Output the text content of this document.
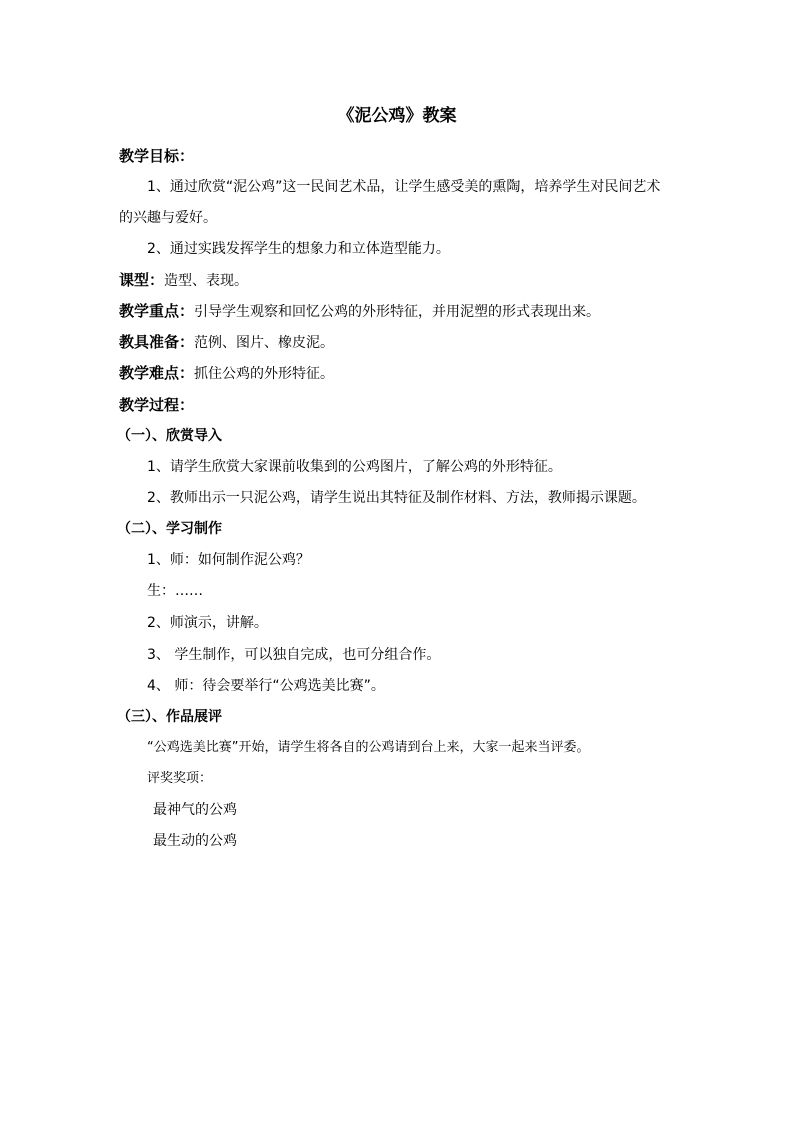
《泥公鸡》教案
教学目标：
1、通过欣赏“泥公鸡”这一民间艺术品，让学生感受美的熏陶，培养学生对民间艺术
的兴趣与爱好。
2、通过实践发挥学生的想象力和立体造型能力。
课型：造型、表现。
教学重点：引导学生观察和回忆公鸡的外形特征，并用泥塑的形式表现出来。
教具准备：范例、图片、橡皮泥。
教学难点：抓住公鸡的外形特征。
教学过程：
（一）、欣赏导入
1、请学生欣赏大家课前收集到的公鸡图片，了解公鸡的外形特征。
2、教师出示一只泥公鸡，请学生说出其特征及制作材料、方法，教师揭示课题。
（二）、学习制作
1、师：如何制作泥公鸡？
生：……
2、师演示，讲解。
3、 学生制作，可以独自完成，也可分组合作。
4、 师：待会要举行“公鸡选美比赛”。
（三）、作品展评
“公鸡选美比赛”开始，请学生将各自的公鸡请到台上来，大家一起来当评委。
评奖奖项：
最神气的公鸡
最生动的公鸡
